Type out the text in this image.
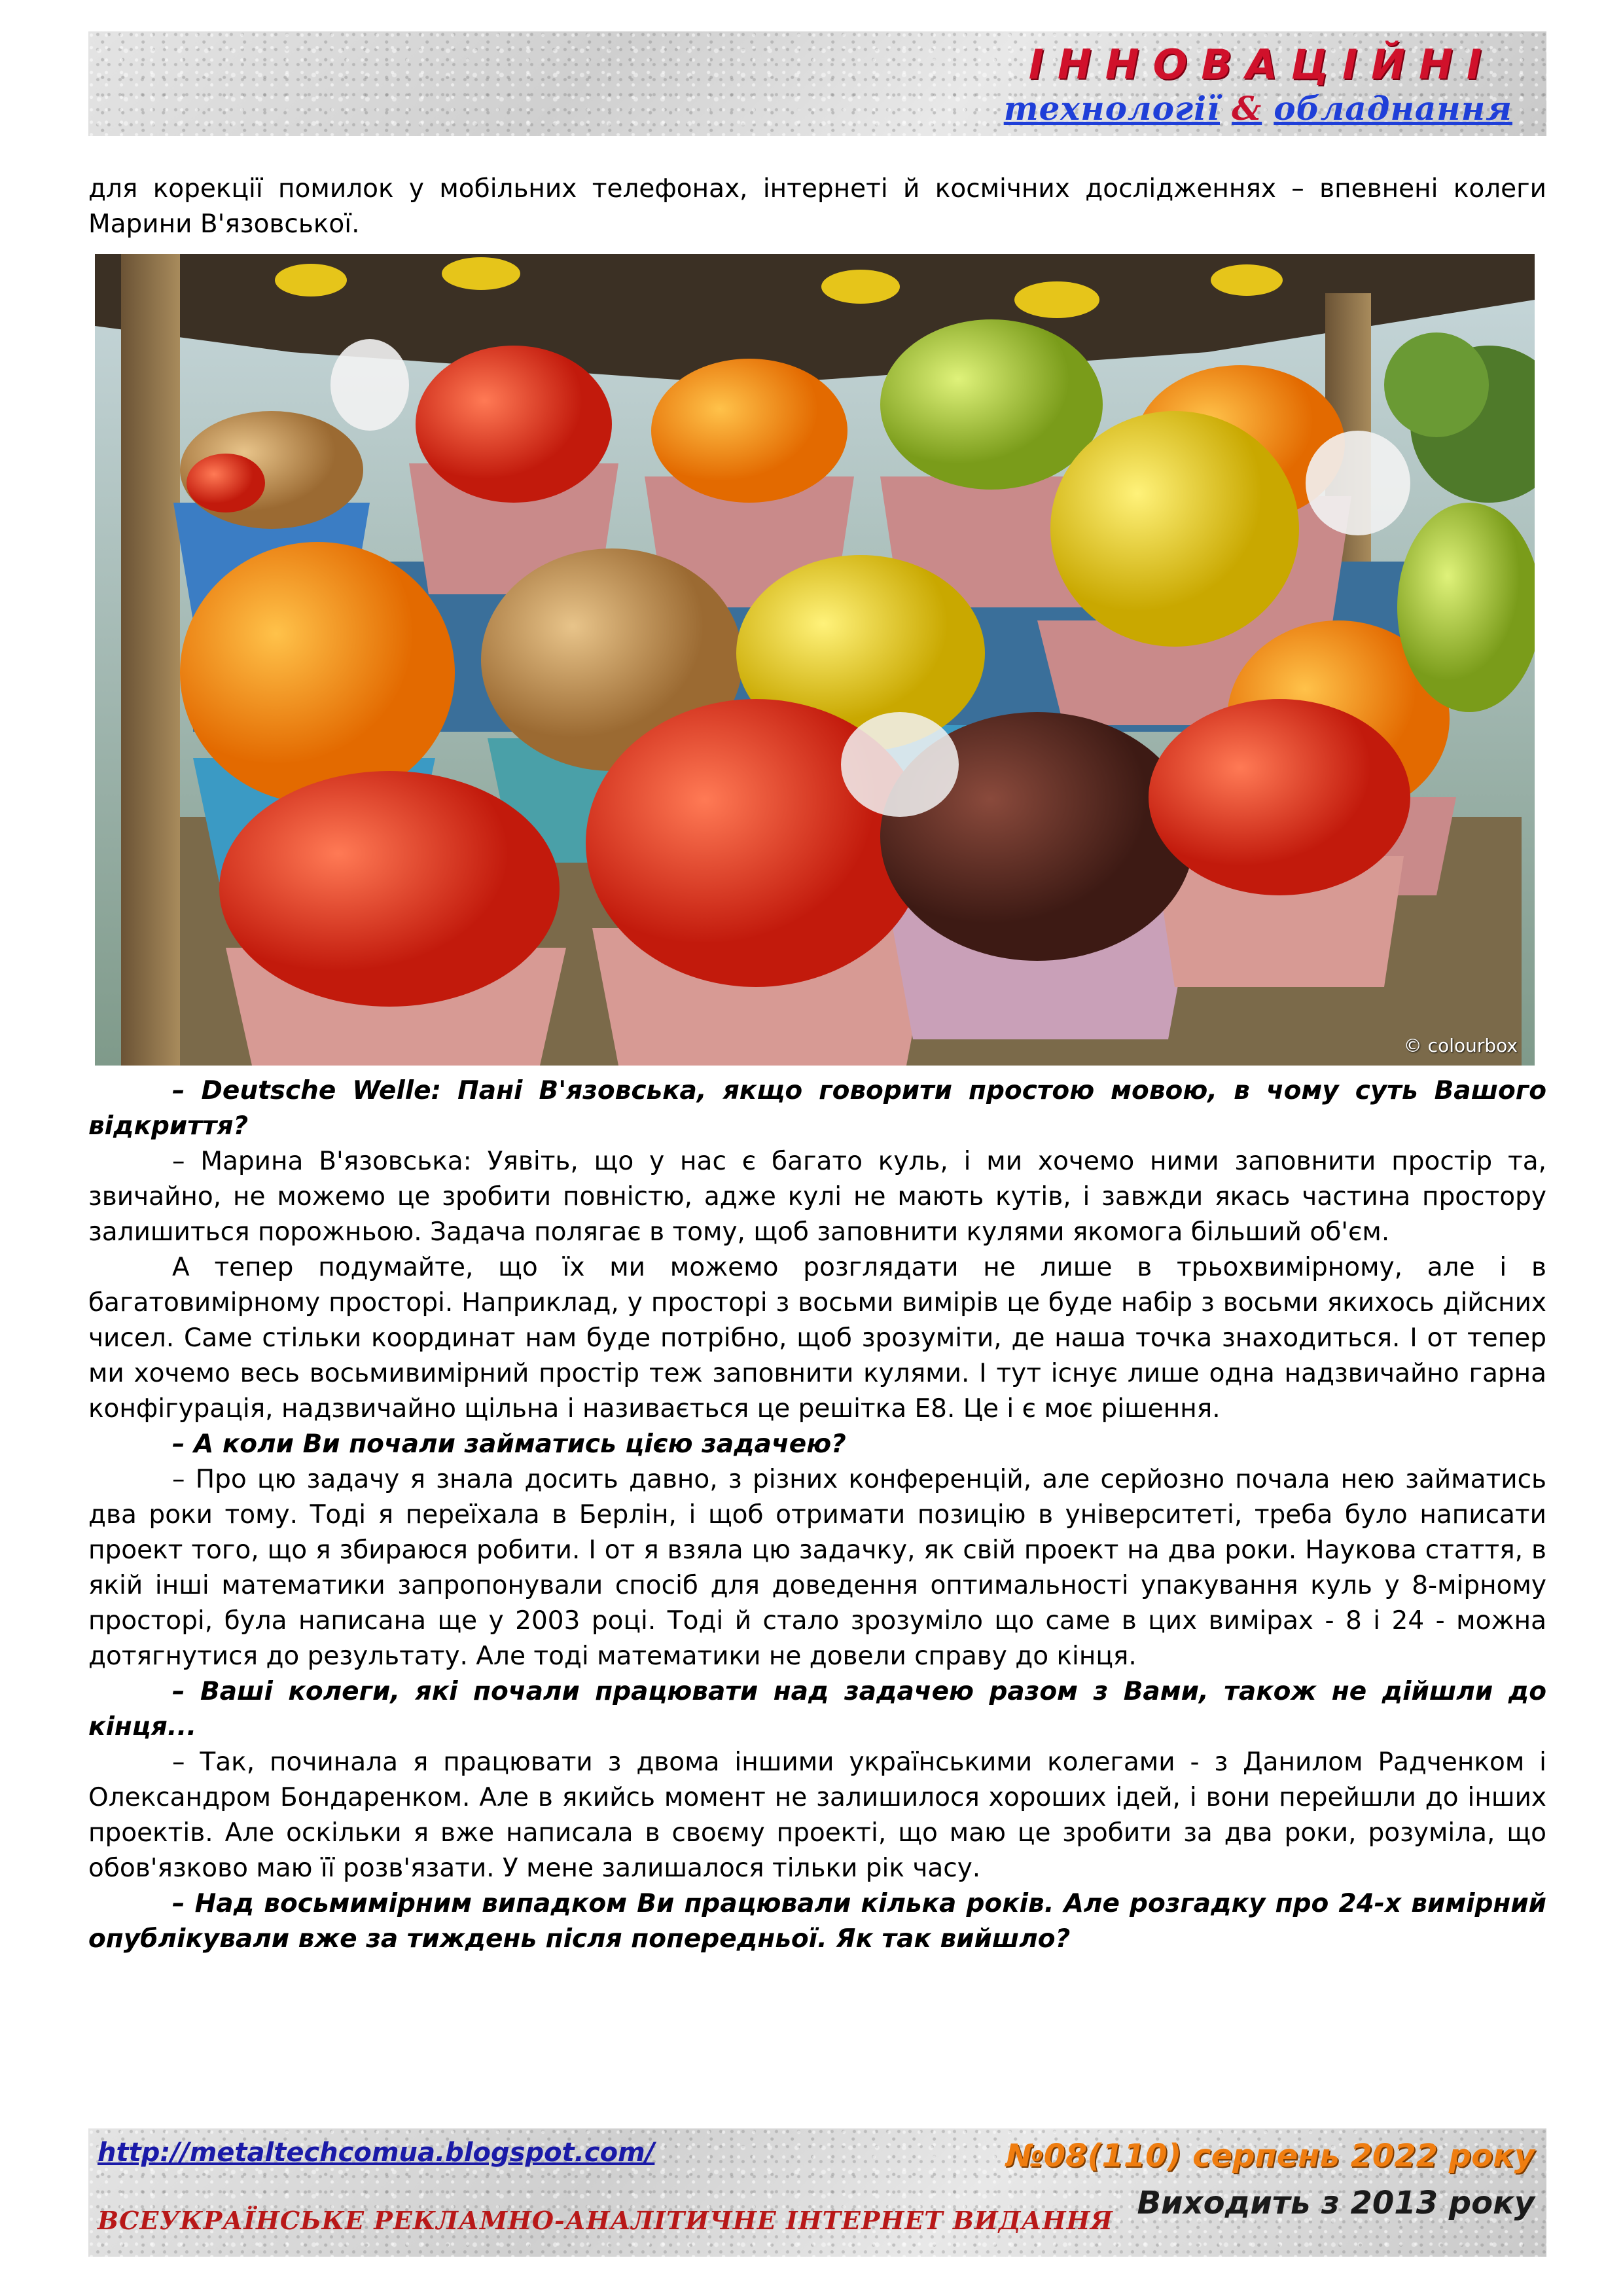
ІННОВАЦІЙНІ
технології & обладнання

для корекції помилок у мобільних телефонах, інтернеті й космічних дослідженнях – впевнені колеги Марини В'язовської.

© colourbox

– Deutsche Welle: Пані В'язовська, якщо говорити простою мовою, в чому суть Вашого відкриття?

– Марина В'язовська: Уявіть, що у нас є багато куль, і ми хочемо ними заповнити простір та, звичайно, не можемо це зробити повністю, адже кулі не мають кутів, і завжди якась частина простору залишиться порожньою. Задача полягає в тому, щоб заповнити кулями якомога більший об'єм.

А тепер подумайте, що їх ми можемо розглядати не лише в трьохвимірному, але і в багатовимірному просторі. Наприклад, у просторі з восьми вимірів це буде набір з восьми якихось дійсних чисел. Саме стільки координат нам буде потрібно, щоб зрозуміти, де наша точка знаходиться. І от тепер ми хочемо весь восьмивимірний простір теж заповнити кулями. І тут існує лише одна надзвичайно гарна конфігурація, надзвичайно щільна і називається це решітка Е8. Це і є моє рішення.

– А коли Ви почали займатись цією задачею?

– Про цю задачу я знала досить давно, з різних конференцій, але серйозно почала нею займатись два роки тому. Тоді я переїхала в Берлін, і щоб отримати позицію в університеті, треба було написати проект того, що я збираюся робити. І от я взяла цю задачку, як свій проект на два роки. Наукова стаття, в якій інші математики запропонували спосіб для доведення оптимальності упакування куль у 8-мірному просторі, була написана ще у 2003 році. Тоді й стало зрозуміло що саме в цих вимірах - 8 і 24 - можна дотягнутися до результату. Але тоді математики не довели справу до кінця.

– Ваші колеги, які почали працювати над задачею разом з Вами, також не дійшли до кінця...

– Так, починала я працювати з двома іншими українськими колегами - з Данилом Радченком і Олександром Бондаренком. Але в якийсь момент не залишилося хороших ідей, і вони перейшли до інших проектів. Але оскільки я вже написала в своєму проекті, що маю це зробити за два роки, розуміла, що обов'язково маю її розв'язати. У мене залишалося тільки рік часу.

– Над восьмимірним випадком Ви працювали кілька років. Але розгадку про 24-х вимірний опублікували вже за тиждень після попередньої. Як так вийшло?

http://metaltechcomua.blogspot.com/
ВСЕУКРАЇНСЬКЕ РЕКЛАМНО-АНАЛІТИЧНЕ ІНТЕРНЕТ ВИДАННЯ
№08(110) серпень 2022 року
Виходить з 2013 року
